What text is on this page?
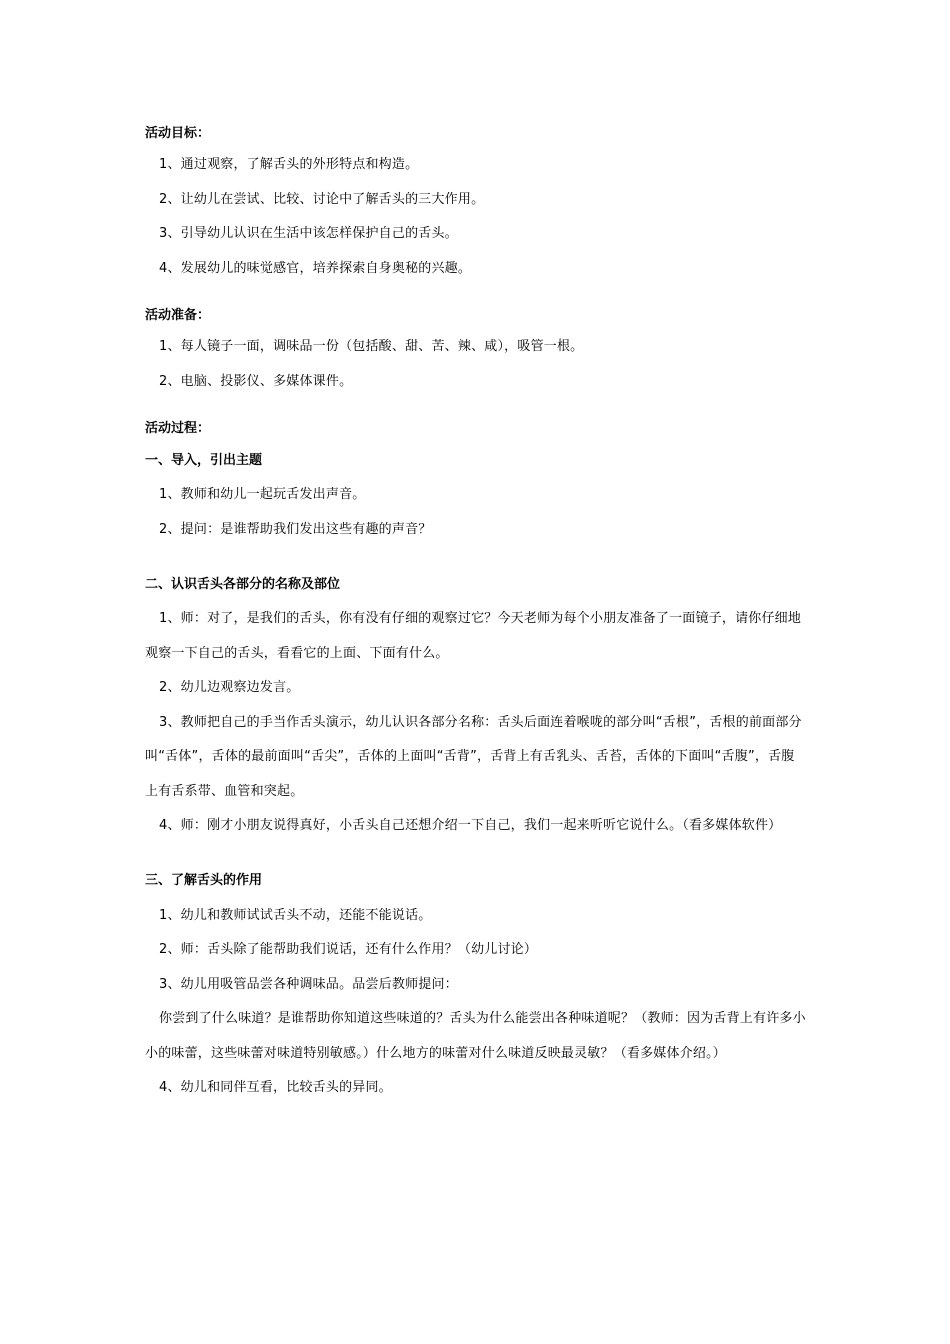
活动目标：

1、通过观察，了解舌头的外形特点和构造。

2、让幼儿在尝试、比较、讨论中了解舌头的三大作用。

3、引导幼儿认识在生活中该怎样保护自己的舌头。

4、发展幼儿的味觉感官，培养探索自身奥秘的兴趣。

活动准备：

1、每人镜子一面，调味品一份（包括酸、甜、苦、辣、咸），吸管一根。

2、电脑、投影仪、多媒体课件。

活动过程：

一、导入，引出主题

1、教师和幼儿一起玩舌发出声音。

2、提问：是谁帮助我们发出这些有趣的声音？

二、认识舌头各部分的名称及部位

1、师：对了，是我们的舌头，你有没有仔细的观察过它？今天老师为每个小朋友准备了一面镜子，请你仔细地观察一下自己的舌头，看看它的上面、下面有什么。

2、幼儿边观察边发言。

3、教师把自己的手当作舌头演示，幼儿认识各部分名称：舌头后面连着喉咙的部分叫“舌根”，舌根的前面部分叫“舌体”，舌体的最前面叫“舌尖”，舌体的上面叫“舌背”，舌背上有舌乳头、舌苔，舌体的下面叫“舌腹”，舌腹上有舌系带、血管和突起。

4、师：刚才小朋友说得真好，小舌头自己还想介绍一下自己，我们一起来听听它说什么。（看多媒体软件）

三、了解舌头的作用

1、幼儿和教师试试舌头不动，还能不能说话。

2、师：舌头除了能帮助我们说话，还有什么作用？（幼儿讨论）

3、幼儿用吸管品尝各种调味品。品尝后教师提问：

你尝到了什么味道？是谁帮助你知道这些味道的？舌头为什么能尝出各种味道呢？（教师：因为舌背上有许多小小的味蕾，这些味蕾对味道特别敏感。）什么地方的味蕾对什么味道反映最灵敏？（看多媒体介绍。）

4、幼儿和同伴互看，比较舌头的异同。
